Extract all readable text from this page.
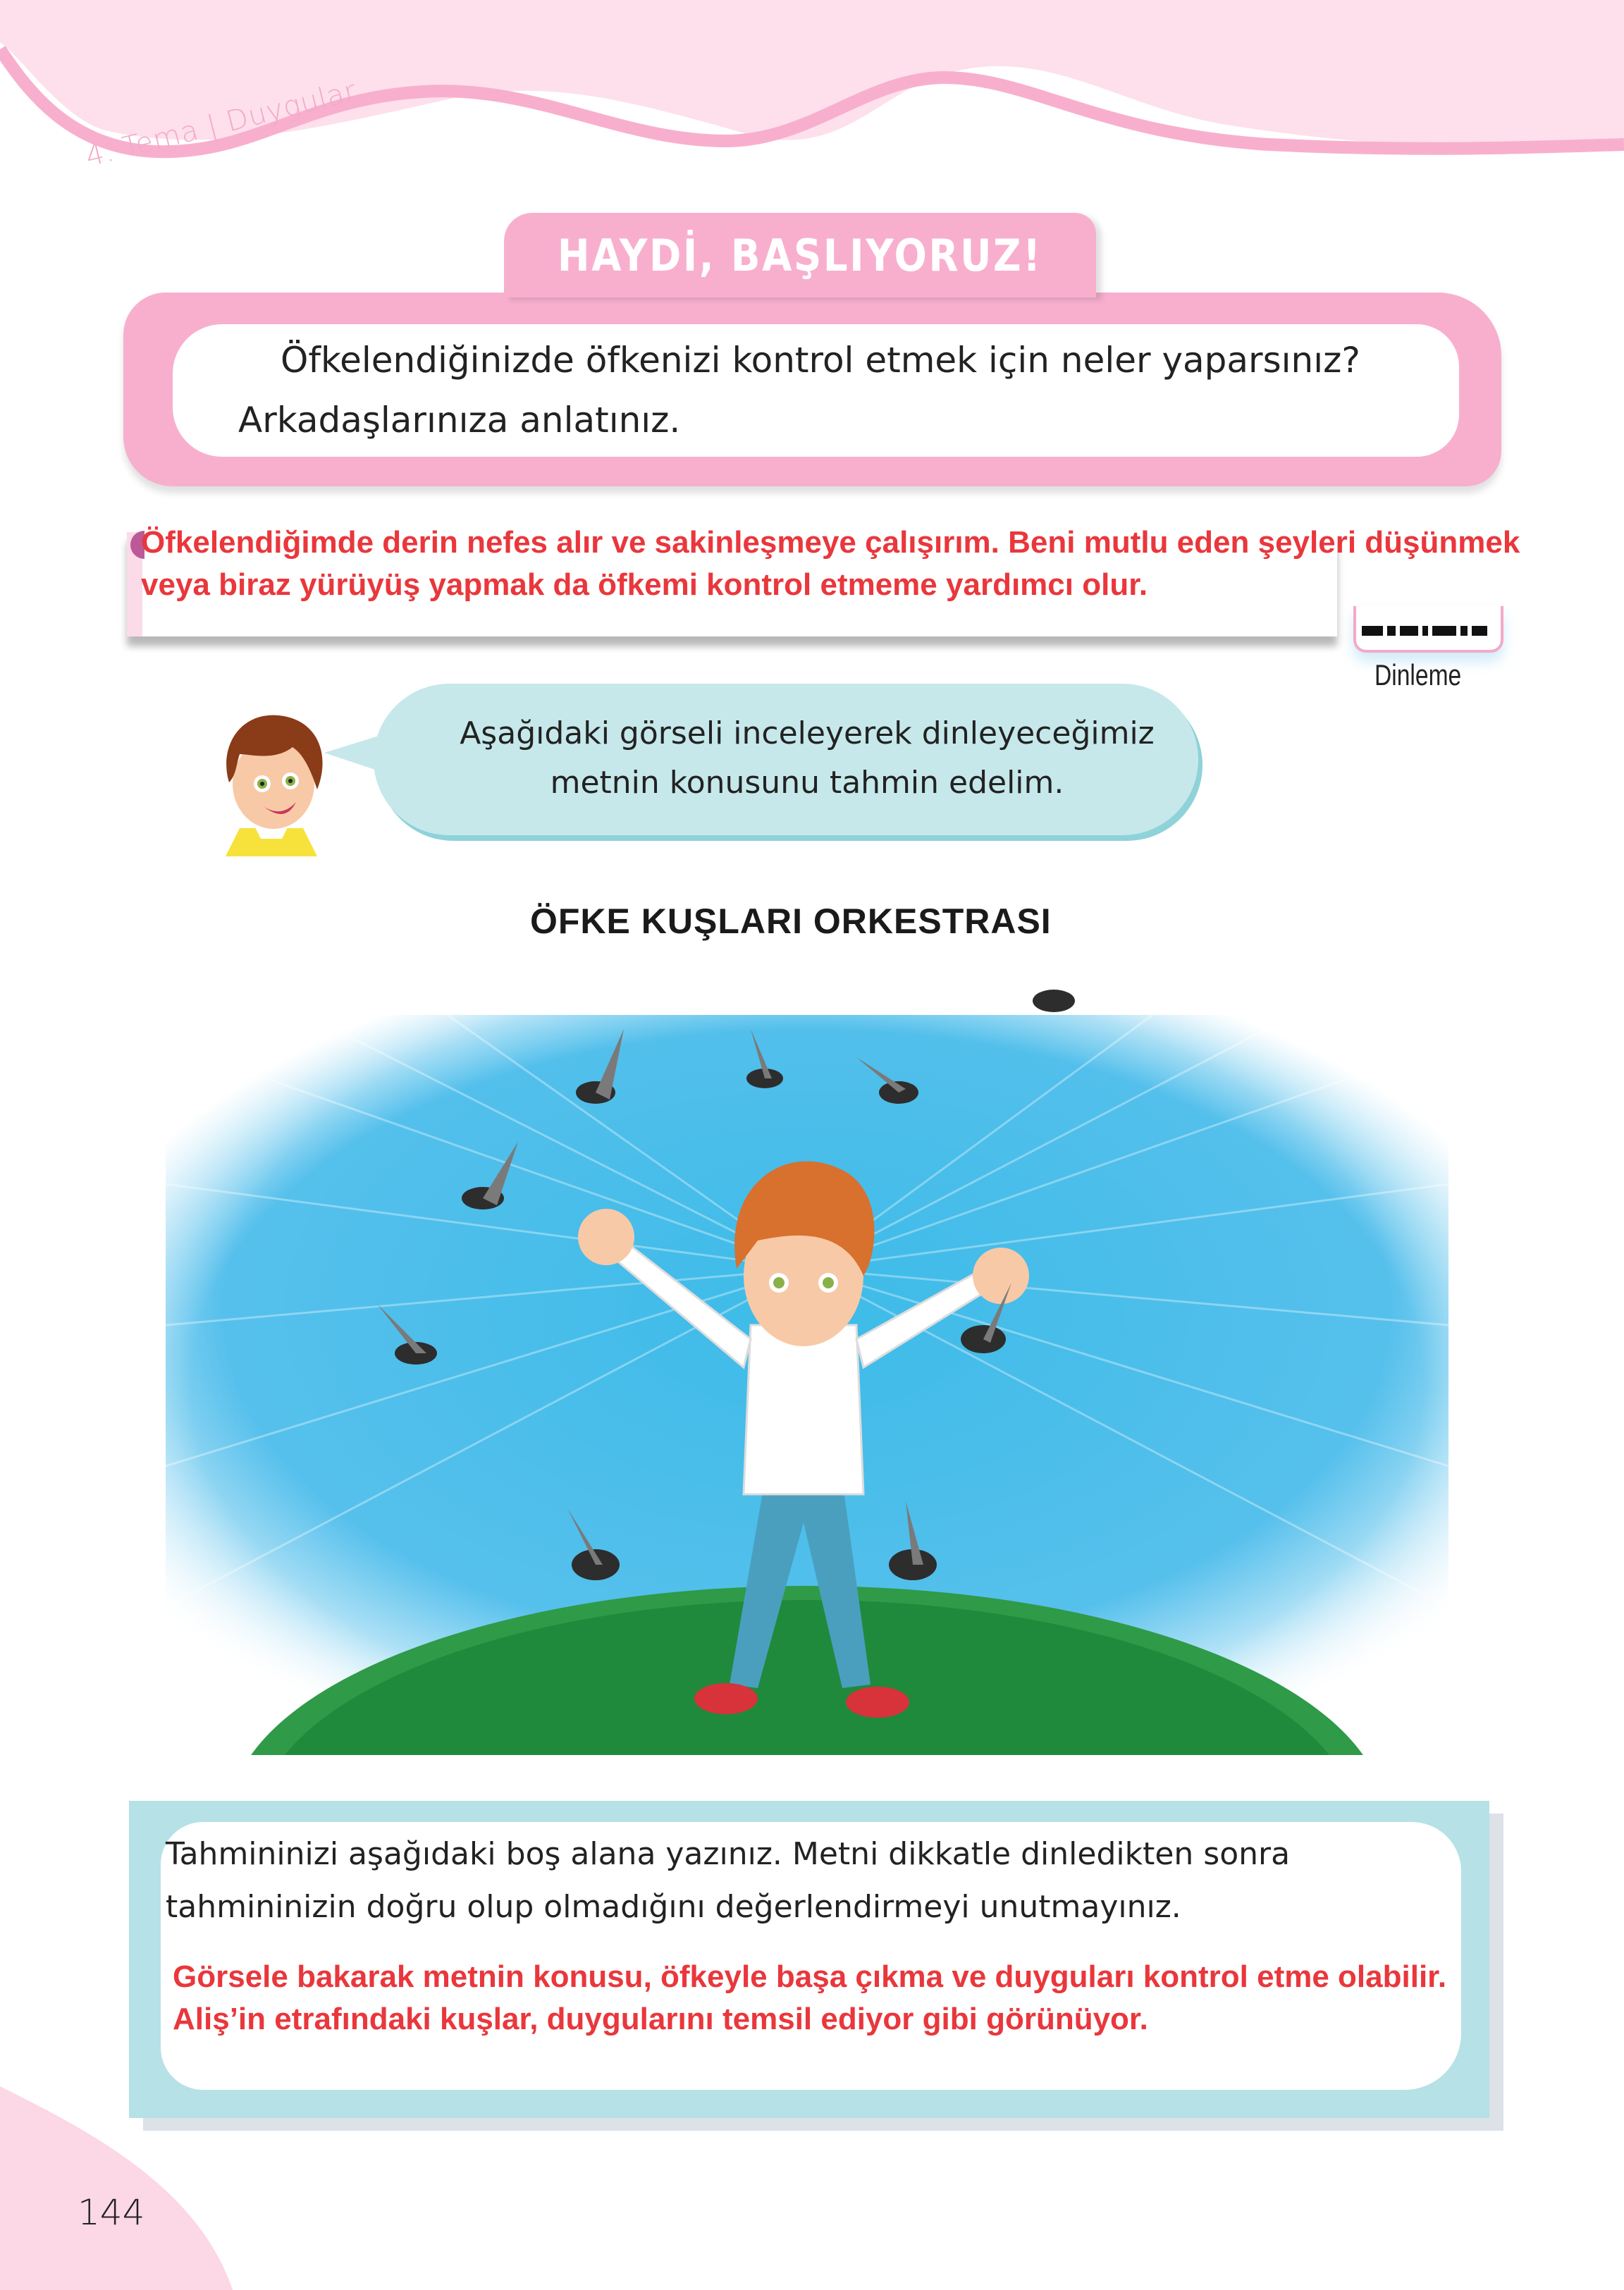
4. Tema | Duygular
HAYDİ, BAŞLIYORUZ!
Öfkelendiğinizde öfkenizi kontrol etmek için neler yaparsınız?
Arkadaşlarınıza anlatınız.
Öfkelendiğimde derin nefes alır ve sakinleşmeye çalışırım. Beni mutlu eden şeyleri düşünmek veya biraz yürüyüş yapmak da öfkemi kontrol etmeme yardımcı olur.
Dinleme
Aşağıdaki görseli inceleyerek dinleyeceğimiz
metnin konusunu tahmin edelim.
ÖFKE KUŞLARI ORKESTRASI
Tahmininizi aşağıdaki boş alana yazınız. Metni dikkatle dinledikten sonra
tahmininizin doğru olup olmadığını değerlendirmeyi unutmayınız.
Görsele bakarak metnin konusu, öfkeyle başa çıkma ve duyguları kontrol etme olabilir. Aliş’in etrafındaki kuşlar, duygularını temsil ediyor gibi görünüyor.
144
